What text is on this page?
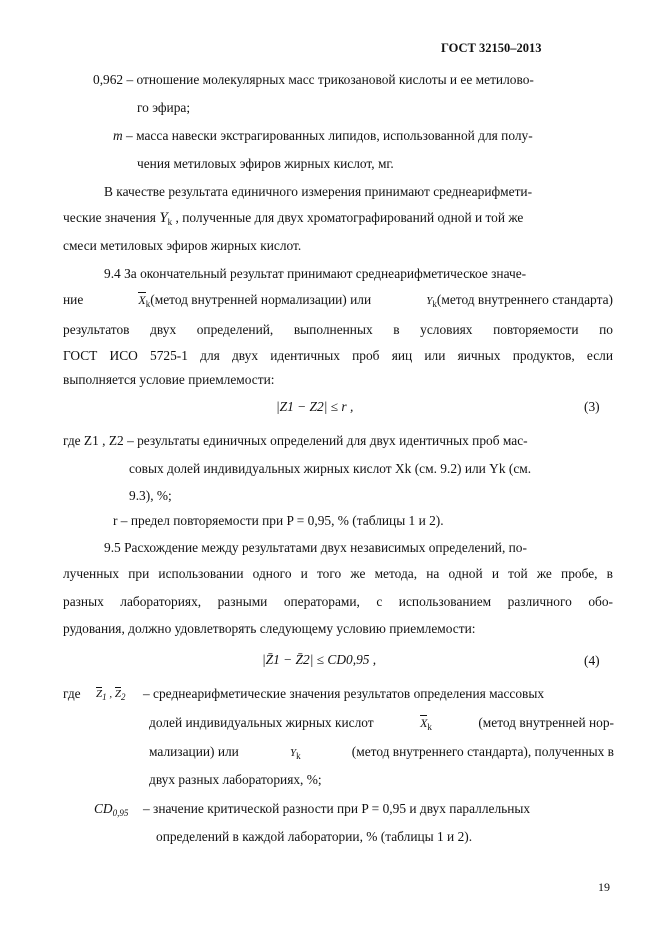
ГОСТ 32150–2013
0,962 – отношение молекулярных масс трикозановой кислоты и ее метилово-
го эфира;
m – масса навески экстрагированных липидов, использованной для полу-
чения метиловых эфиров жирных кислот, мг.
В качестве результата единичного измерения принимают среднеарифмети-
ческие значения $Y_k$ , полученные для двух хроматографирований одной и той же
смеси метиловых эфиров жирных кислот.
9.4 За окончательный результат принимают среднеарифметическое значе-
ние	$X_k(метод$ внутренней нормализации) или	$Y_k(метод$ внутреннего стандарта)
результатов двух определений, выполненных в условиях повторяемости по
ГОСТ ИСО 5725-1 для двух идентичных проб яиц или яичных продуктов, если
выполняется условие приемлемости:
|Z1 − Z2| ≤ r ,	(3)
где Z1 , Z2 – результаты единичных определений для двух идентичных проб мас-
совых долей индивидуальных жирных кислот Xk (см. 9.2) или Yk (см.
9.3), %;
r – предел повторяемости при P = 0,95, % (таблицы 1 и 2).
9.5 Расхождение между результатами двух независимых определений, по-
лученных при использовании одного и того же метода, на одной и той же пробе, в
разных лабораториях, разными операторами, с использованием различного обо-
рудования, должно удовлетворять следующему условию приемлемости:
|Z̄1 − Z̄2| ≤ CD0,95 ,	(4)
где $Z_1$ , $Z_2$ – среднеарифметические значения результатов определения массовых
долей индивидуальных жирных кислот	$X_k$	(метод внутренней нор-
мализации) или	$Y_k$	(метод внутреннего стандарта), полученных в
двух разных лабораториях, %;
$CD_{0,95}$ – значение критической разности при P = 0,95 и двух параллельных
определений в каждой лаборатории, % (таблицы 1 и 2).
19
